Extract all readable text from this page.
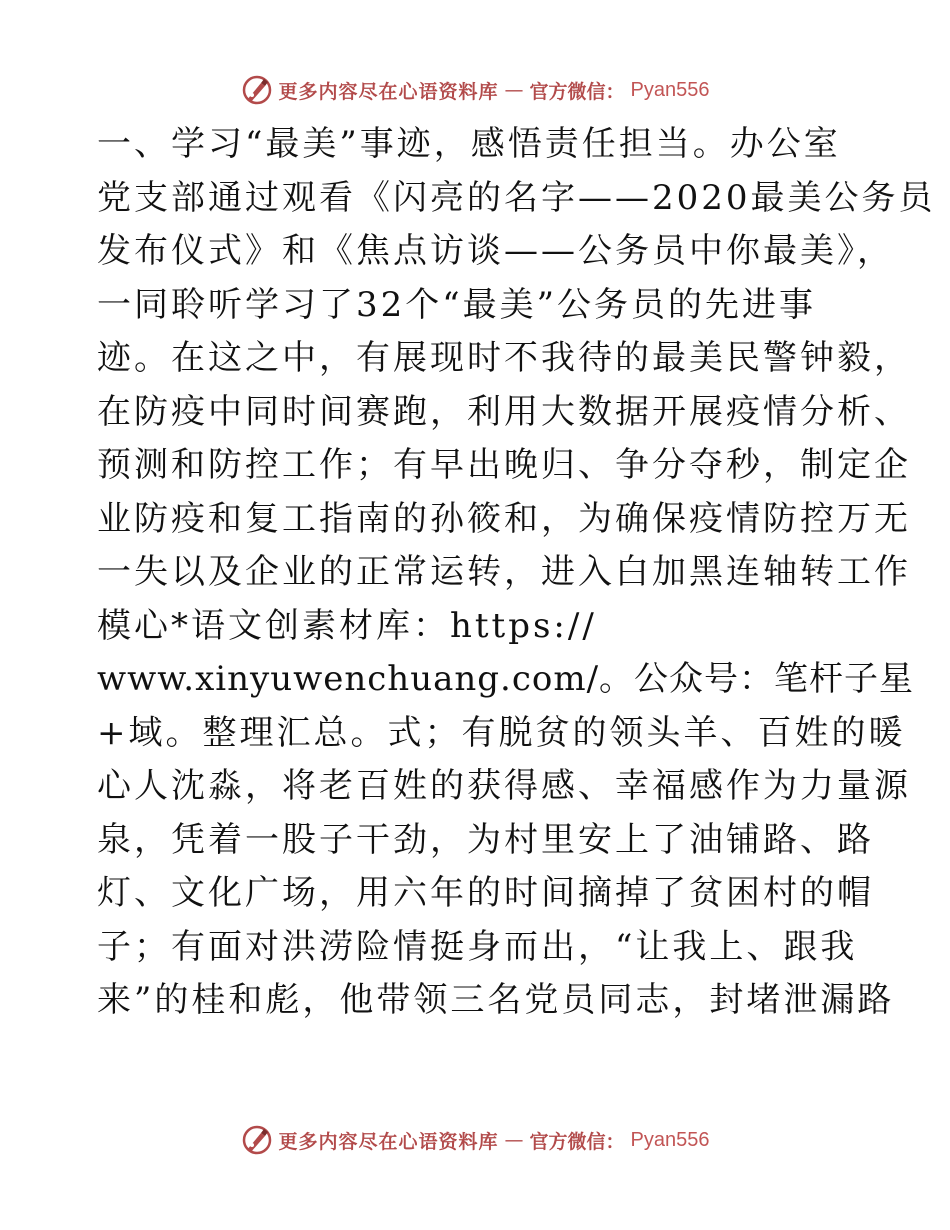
更多内容尽在心语资料库 — 官方微信： Pyan556
一、学习“最美”事迹，感悟责任担当。办公室
党支部通过观看《闪亮的名字——2020最美公务员
发布仪式》和《焦点访谈——公务员中你最美》，
一同聆听学习了32个“最美”公务员的先进事
迹。在这之中，有展现时不我待的最美民警钟毅，
在防疫中同时间赛跑，利用大数据开展疫情分析、
预测和防控工作；有早出晚归、争分夺秒，制定企
业防疫和复工指南的孙筱和，为确保疫情防控万无
一失以及企业的正常运转，进入白加黑连轴转工作
模心*语文创素材库：https://
www.xinyuwenchuang.com/。公众号：笔杆子星
+域。整理汇总。式；有脱贫的领头羊、百姓的暖
心人沈淼，将老百姓的获得感、幸福感作为力量源
泉，凭着一股子干劲，为村里安上了油铺路、路
灯、文化广场，用六年的时间摘掉了贫困村的帽
子；有面对洪涝险情挺身而出，“让我上、跟我
来”的桂和彪，他带领三名党员同志，封堵泄漏路
更多内容尽在心语资料库 — 官方微信： Pyan556
